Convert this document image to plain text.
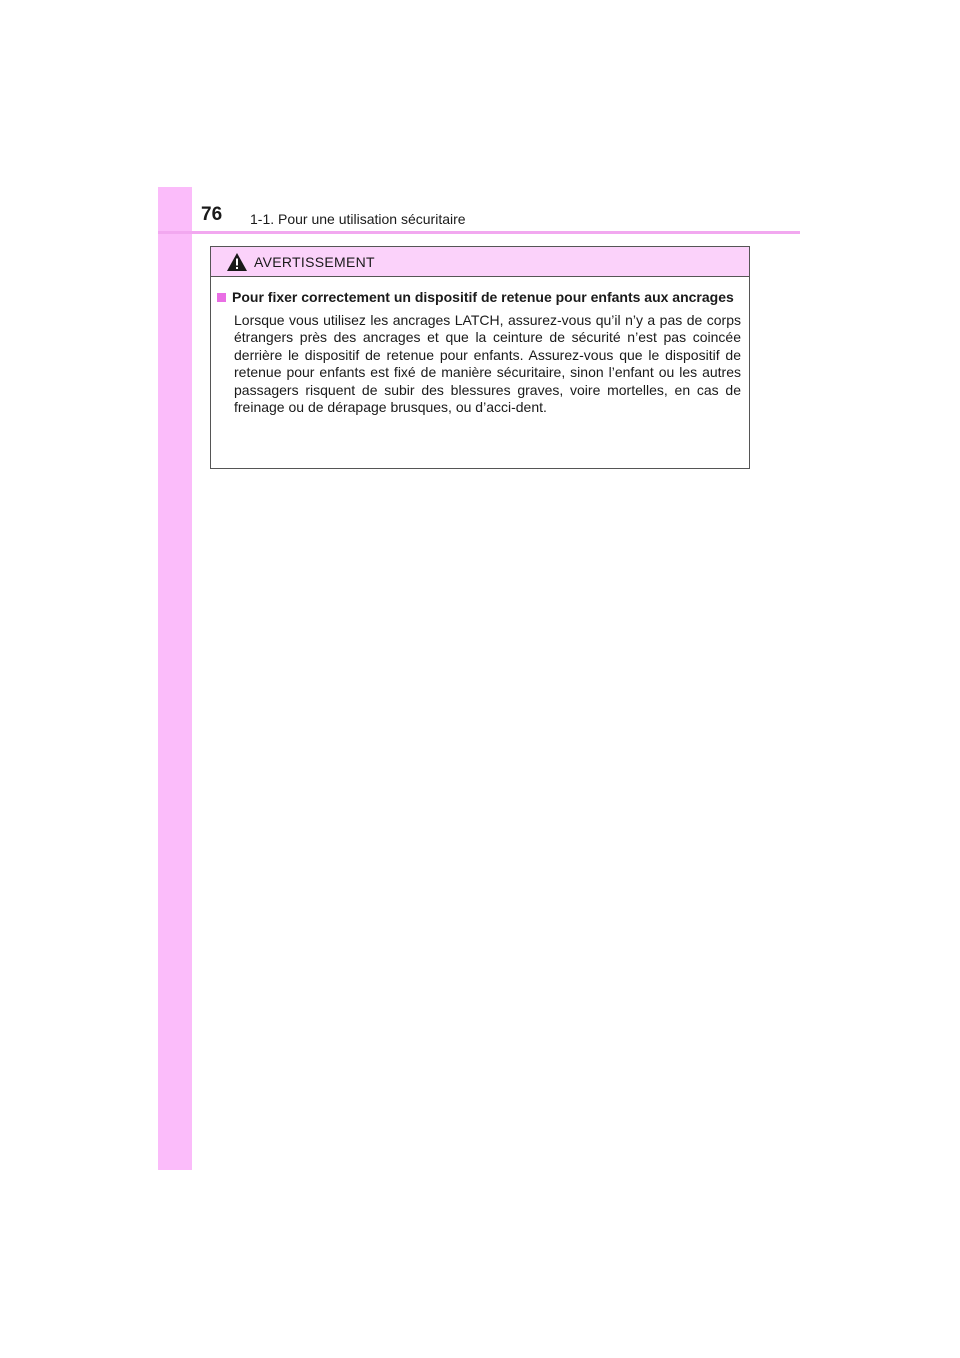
76 1-1. Pour une utilisation sécuritaire
AVERTISSEMENT
Pour fixer correctement un dispositif de retenue pour enfants aux ancrages

Lorsque vous utilisez les ancrages LATCH, assurez-vous qu’il n’y a pas de corps étrangers près des ancrages et que la ceinture de sécurité n’est pas coincée derrière le dispositif de retenue pour enfants. Assurez-vous que le dispositif de retenue pour enfants est fixé de manière sécuritaire, sinon l’enfant ou les autres passagers risquent de subir des blessures graves, voire mortelles, en cas de freinage ou de dérapage brusques, ou d’acci-dent.
